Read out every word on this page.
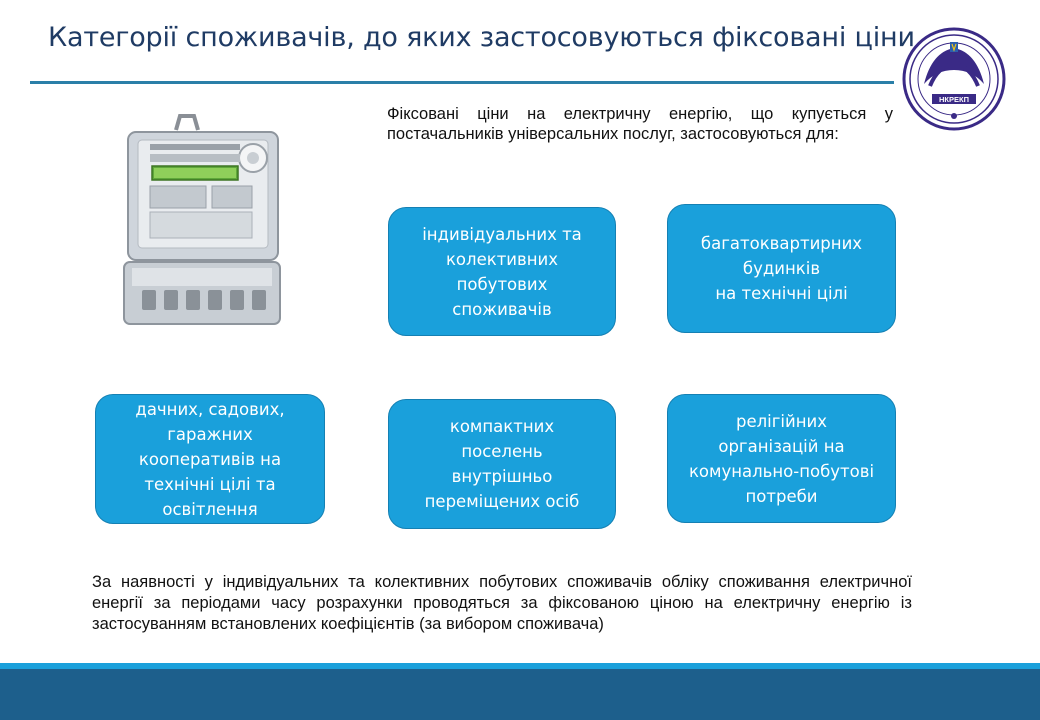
Категорії споживачів, до яких застосовуються фіксовані ціни
НКРЕКП
Фіксовані ціни на електричну енергію, що купується у постачальників універсальних послуг, застосовуються для:
індивідуальних та
колективних
побутових
споживачів
багатоквартирних
будинків
на технічні цілі
дачних, садових,
гаражних
кооперативів на
технічні цілі та
освітлення
компактних
поселень
внутрішньо
переміщених осіб
релігійних
організацій на
комунально-побутові
потреби
За наявності у індивідуальних та колективних побутових споживачів обліку споживання електричної енергії за періодами часу розрахунки проводяться за фіксованою ціною на електричну енергію із застосуванням встановлених коефіцієнтів (за вибором споживача)
